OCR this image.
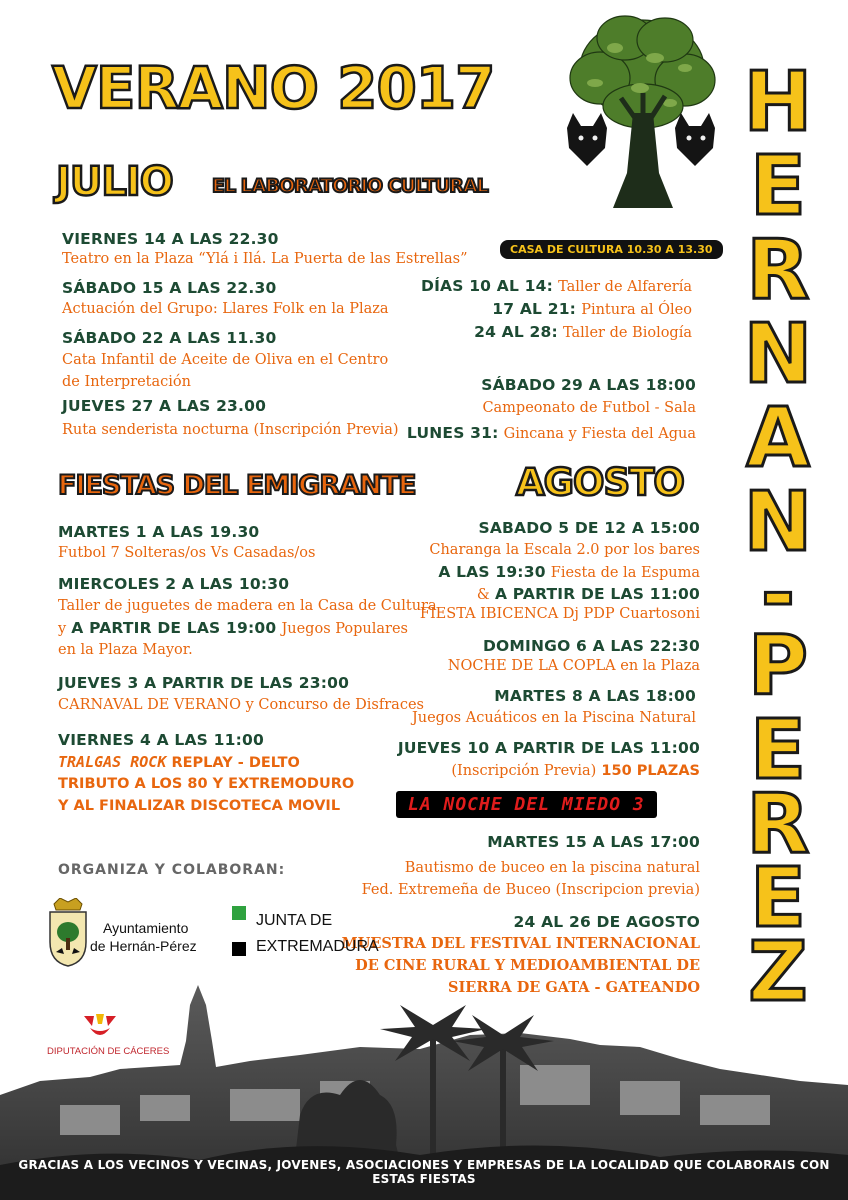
VERANO 2017	H
E
R
N
A
N
-
P
E
R
E
Z
JULIO EL LABORATORIO CULTURAL
CASA DE CULTURA 10.30 A 13.30
VIERNES 14 A LAS 22.30
Teatro en la Plaza “Ylá i Ilá. La Puerta de las Estrellas”
SÁBADO 15 A LAS 22.30
Actuación del Grupo: Llares Folk en la Plaza
SÁBADO 22 A LAS 11.30
Cata Infantil de Aceite de Oliva en el Centro
de Interpretación
JUEVES 27 A LAS 23.00
Ruta senderista nocturna (Inscripción Previa)
DÍAS 10 AL 14: Taller de Alfarería
17 AL 21: Pintura al Óleo
24 AL 28: Taller de Biología
SÁBADO 29 A LAS 18:00
Campeonato de Futbol - Sala
LUNES 31: Gincana y Fiesta del Agua
FIESTAS DEL EMIGRANTE	AGOSTO
MARTES 1 A LAS 19.30
Futbol 7 Solteras/os Vs Casadas/os
MIERCOLES 2 A LAS 10:30
Taller de juguetes de madera en la Casa de Cultura
y A PARTIR DE LAS 19:00 Juegos Populares
en la Plaza Mayor.
JUEVES 3 A PARTIR DE LAS 23:00
CARNAVAL DE VERANO y Concurso de Disfraces
VIERNES 4 A LAS 11:00
TRALGAS ROCK REPLAY - DELTO
TRIBUTO A LOS 80 Y EXTREMODURO
Y AL FINALIZAR DISCOTECA MOVIL
SABADO 5 DE 12 A 15:00
Charanga la Escala 2.0 por los bares
A LAS 19:30 Fiesta de la Espuma
& A PARTIR DE LAS 11:00
FIESTA IBICENCA Dj PDP Cuartosoni
DOMINGO 6 A LAS 22:30
NOCHE DE LA COPLA en la Plaza
MARTES 8 A LAS 18:00
Juegos Acuáticos en la Piscina Natural
JUEVES 10 A PARTIR DE LAS 11:00
(Inscripción Previa) 150 PLAZAS
LA NOCHE DEL MIEDO 3
MARTES 15 A LAS 17:00
Bautismo de buceo en la piscina natural
Fed. Extremeña de Buceo (Inscripcion previa)
24 AL 26 DE AGOSTO
MUESTRA DEL FESTIVAL INTERNACIONAL
DE CINE RURAL Y MEDIOAMBIENTAL DE
SIERRA DE GATA - GATEANDO
ORGANIZA Y COLABORAN:
Ayuntamiento
de Hernán-Pérez
JUNTA DE
EXTREMADURA
DIPUTACIÓN DE CÁCERES
GRACIAS A LOS VECINOS Y VECINAS, JOVENES, ASOCIACIONES Y EMPRESAS DE LA LOCALIDAD QUE COLABORAIS CON ESTAS FIESTAS
